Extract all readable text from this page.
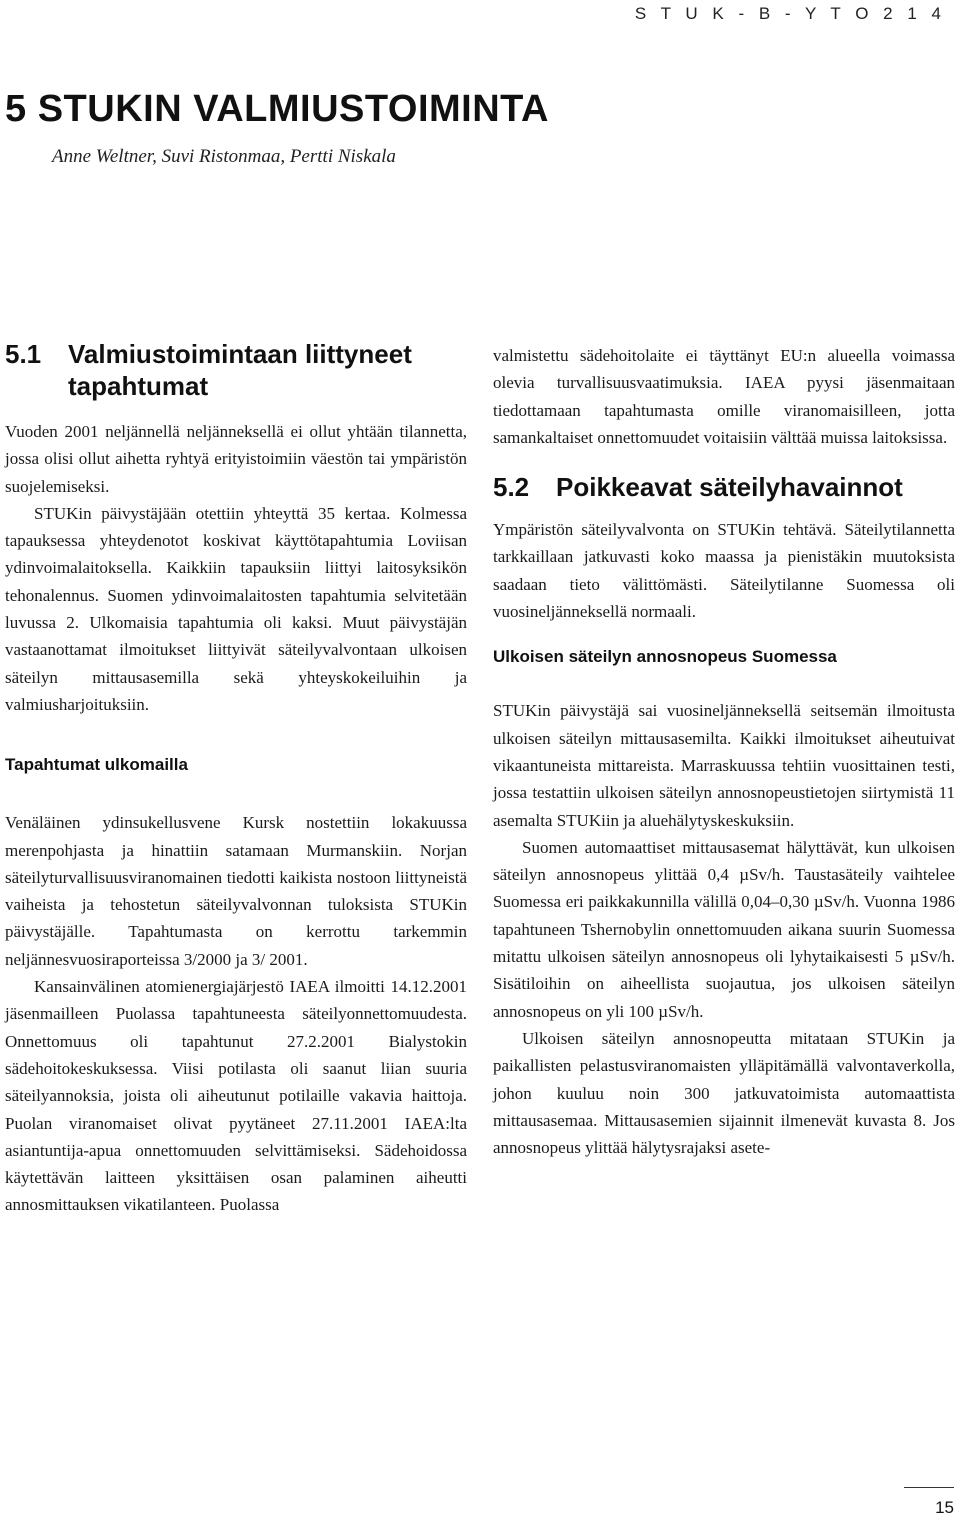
S T U K - B - Y T O 2 1 4
5 STUKIN VALMIUSTOIMINTA
Anne Weltner, Suvi Ristonmaa, Pertti Niskala
5.1	Valmiustoimintaan liittyneet tapahtumat

Vuoden 2001 neljännellä neljänneksellä ei ollut yhtään tilannetta, jossa olisi ollut aihetta ryhtyä erityistoimiin väestön tai ympäristön suojelemiseksi.

STUKin päivystäjään otettiin yhteyttä 35 kertaa. Kolmessa tapauksessa yhteydenotot koskivat käyttötapahtumia Loviisan ydinvoimalaitoksella. Kaikkiin tapauksiin liittyi laitosyksikön tehonalennus. Suomen ydinvoimalaitosten tapahtumia selvitetään luvussa 2. Ulkomaisia tapahtumia oli kaksi. Muut päivystäjän vastaanottamat ilmoitukset liittyivät säteilyvalvontaan ulkoisen säteilyn mittausasemilla sekä yhteyskokeiluihin ja valmiusharjoituksiin.

Tapahtumat ulkomailla

Venäläinen ydinsukellusvene Kursk nostettiin lokakuussa merenpohjasta ja hinattiin satamaan Murmanskiin. Norjan säteilyturvallisuusviranomainen tiedotti kaikista nostoon liittyneistä vaiheista ja tehostetun säteilyvalvonnan tuloksista STUKin päivystäjälle. Tapahtumasta on kerrottu tarkemmin neljännesvuosiraporteissa 3/2000 ja 3/ 2001.

Kansainvälinen atomienergiajärjestö IAEA ilmoitti 14.12.2001 jäsenmailleen Puolassa tapahtuneesta säteilyonnettomuudesta. Onnettomuus oli tapahtunut 27.2.2001 Bialystokin sädehoitokeskuksessa. Viisi potilasta oli saanut liian suuria säteilyannoksia, joista oli aiheutunut potilaille vakavia haittoja. Puolan viranomaiset olivat pyytäneet 27.11.2001 IAEA:lta asiantuntija-apua onnettomuuden selvittämiseksi. Sädehoidossa käytettävän laitteen yksittäisen osan palaminen aiheutti annosmittauksen vikatilanteen. Puolassa

valmistettu sädehoitolaite ei täyttänyt EU:n alueella voimassa olevia turvallisuusvaatimuksia. IAEA pyysi jäsenmaitaan tiedottamaan tapahtumasta omille viranomaisilleen, jotta samankaltaiset onnettomuudet voitaisiin välttää muissa laitoksissa.

5.2	Poikkeavat säteilyhavainnot

Ympäristön säteilyvalvonta on STUKin tehtävä. Säteilytilannetta tarkkaillaan jatkuvasti koko maassa ja pienistäkin muutoksista saadaan tieto välittömästi. Säteilytilanne Suomessa oli vuosineljänneksellä normaali.

Ulkoisen säteilyn annosnopeus Suomessa

STUKin päivystäjä sai vuosineljänneksellä seitsemän ilmoitusta ulkoisen säteilyn mittausasemilta. Kaikki ilmoitukset aiheutuivat vikaantuneista mittareista. Marraskuussa tehtiin vuosittainen testi, jossa testattiin ulkoisen säteilyn annosnopeustietojen siirtymistä 11 asemalta STUKiin ja aluehälytyskeskuksiin.

Suomen automaattiset mittausasemat hälyttävät, kun ulkoisen säteilyn annosnopeus ylittää 0,4 µSv/h. Taustasäteily vaihtelee Suomessa eri paikkakunnilla välillä 0,04–0,30 µSv/h. Vuonna 1986 tapahtuneen Tshernobylin onnettomuuden aikana suurin Suomessa mitattu ulkoisen säteilyn annosnopeus oli lyhytaikaisesti 5 µSv/h. Sisätiloihin on aiheellista suojautua, jos ulkoisen säteilyn annosnopeus on yli 100 µSv/h.

Ulkoisen säteilyn annosnopeutta mitataan STUKin ja paikallisten pelastusviranomaisten ylläpitämällä valvontaverkolla, johon kuuluu noin 300 jatkuvatoimista automaattista mittausasemaa. Mittausasemien sijainnit ilmenevät kuvasta 8. Jos annosnopeus ylittää hälytysrajaksi asete-

15
